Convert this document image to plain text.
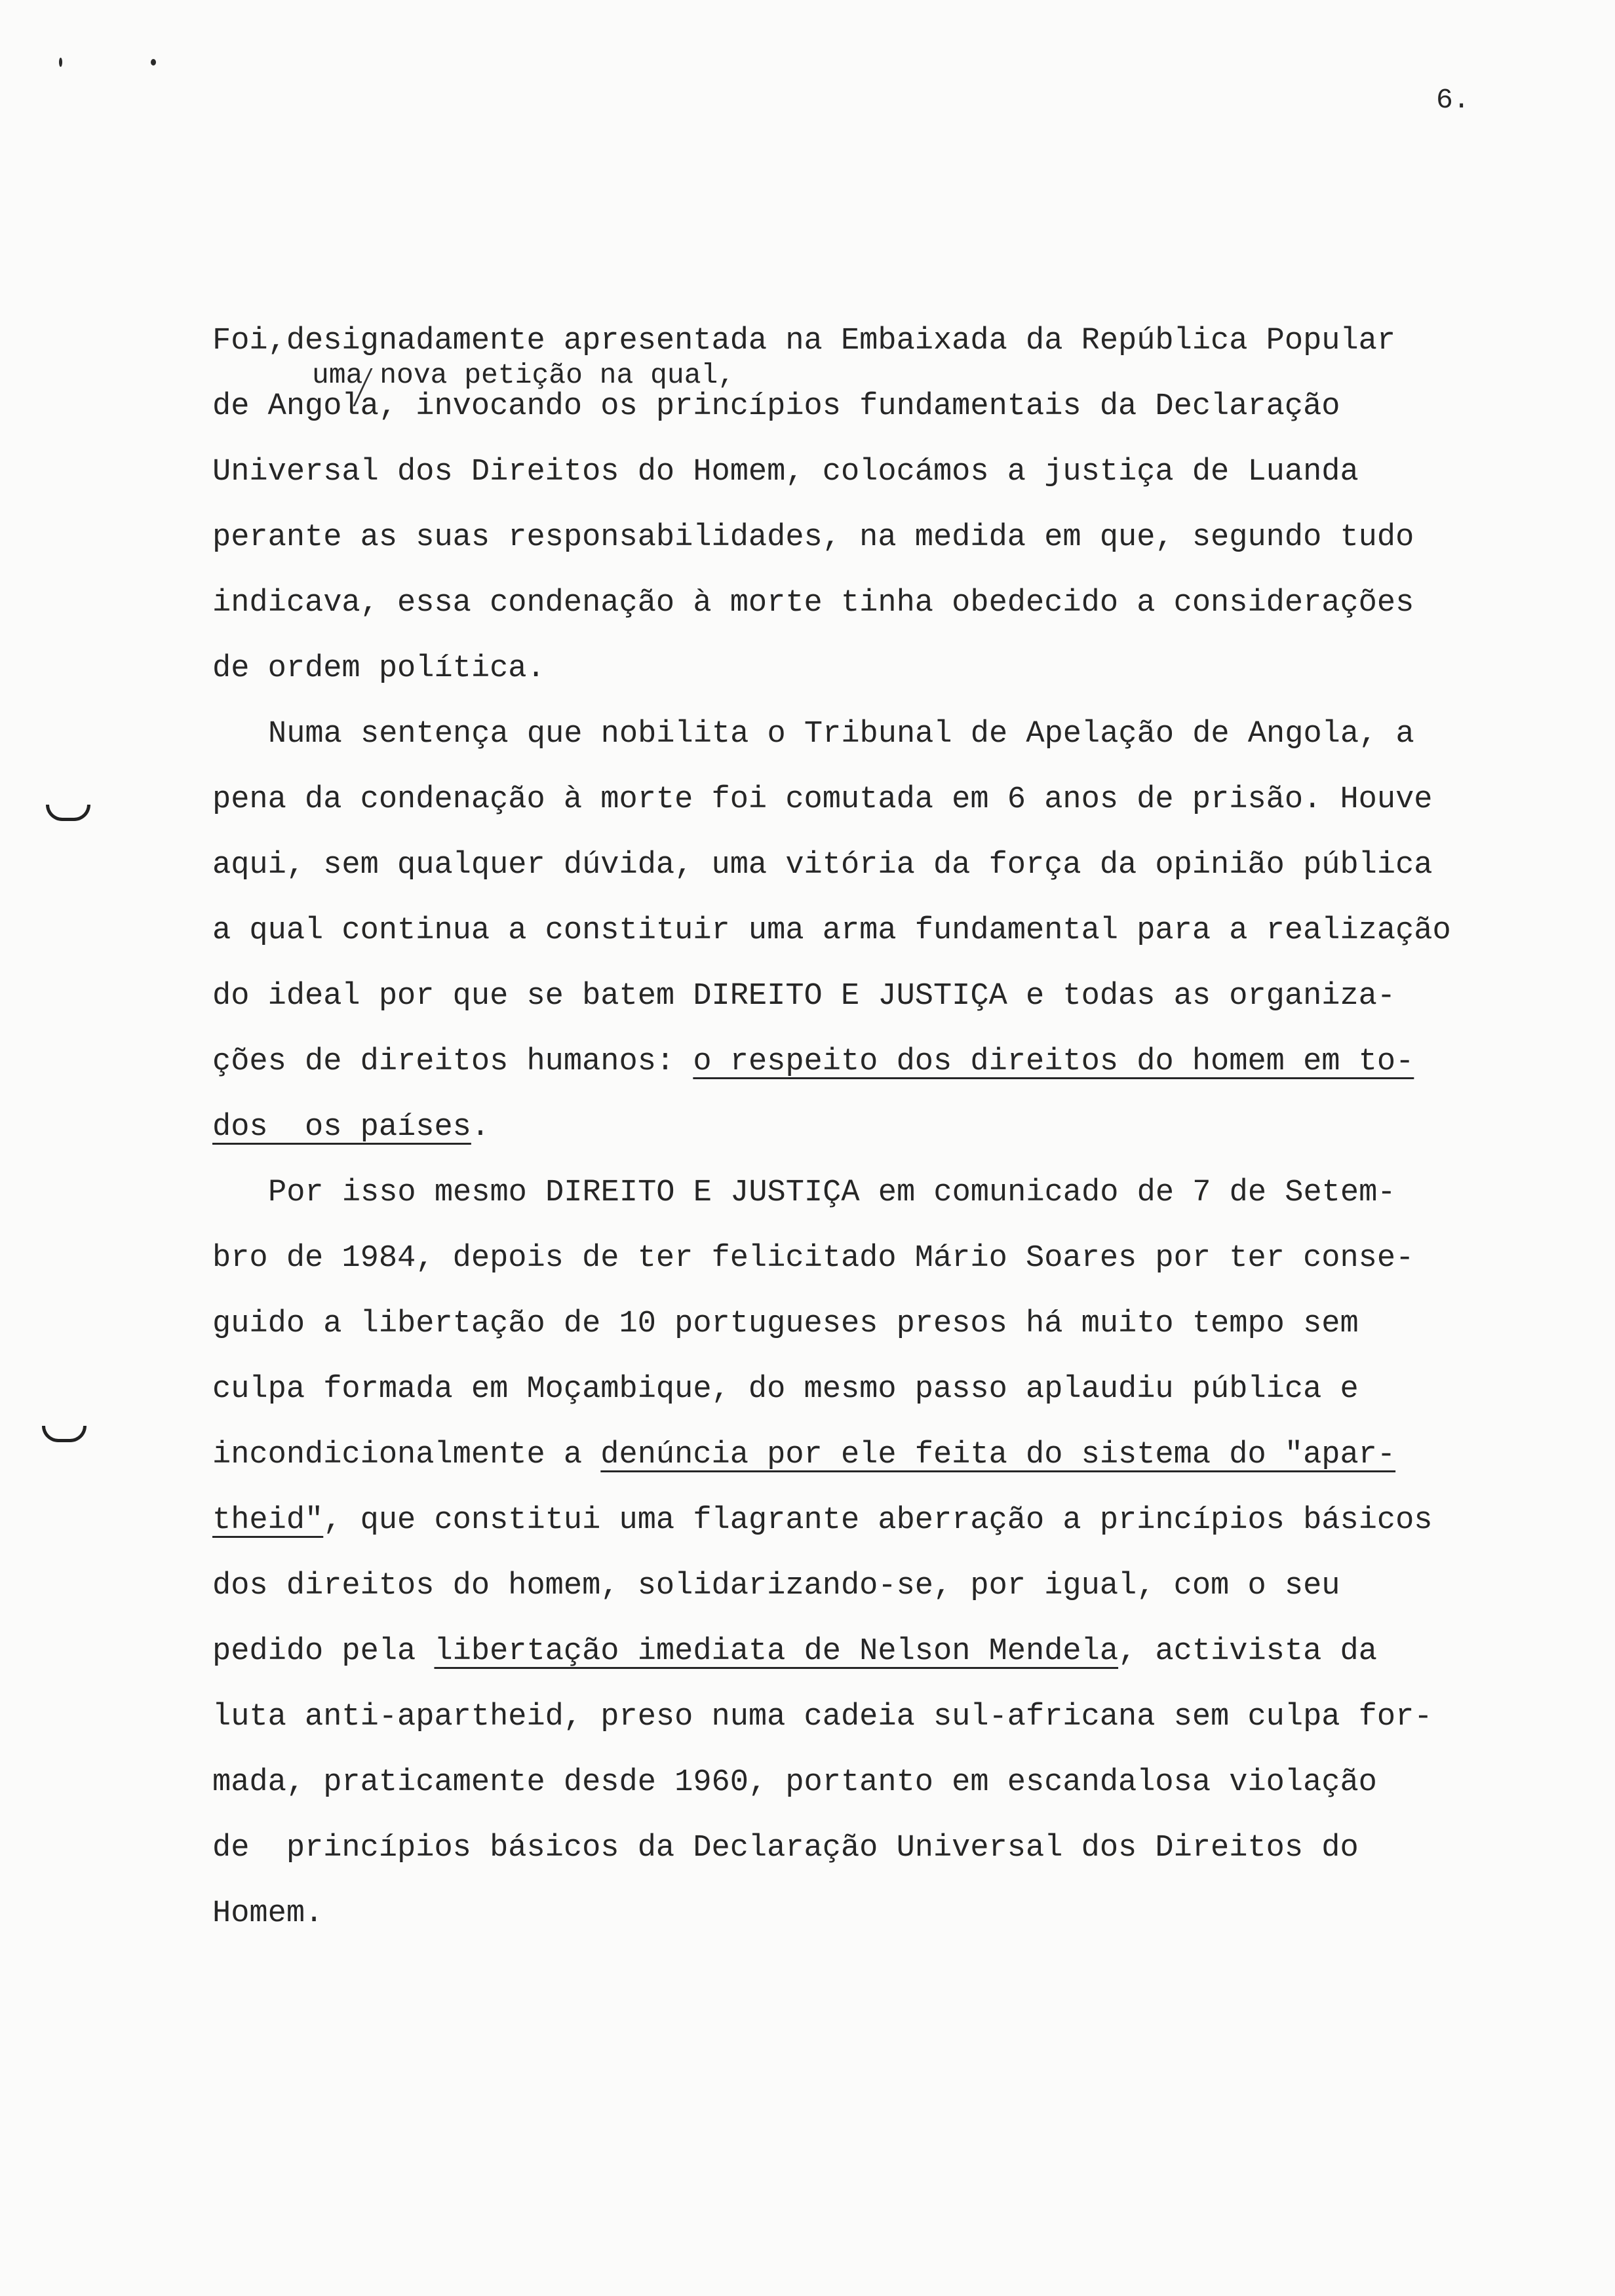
6.
uma nova petição na qual,
Foi,designadamente apresentada na Embaixada da República Popular
de Angola, invocando os princípios fundamentais da Declaração
Universal dos Direitos do Homem, colocámos a justiça de Luanda
perante as suas responsabilidades, na medida em que, segundo tudo
indicava, essa condenação à morte tinha obedecido a considerações
de ordem política.
Numa sentença que nobilita o Tribunal de Apelação de Angola, a
pena da condenação à morte foi comutada em 6 anos de prisão. Houve
aqui, sem qualquer dúvida, uma vitória da força da opinião pública
a qual continua a constituir uma arma fundamental para a realização
do ideal por que se batem DIREITO E JUSTIÇA e todas as organiza-
ções de direitos humanos: o respeito dos direitos do homem em to-
dos  os países.
Por isso mesmo DIREITO E JUSTIÇA em comunicado de 7 de Setem-
bro de 1984, depois de ter felicitado Mário Soares por ter conse-
guido a libertação de 10 portugueses presos há muito tempo sem
culpa formada em Moçambique, do mesmo passo aplaudiu pública e
incondicionalmente a denúncia por ele feita do sistema do "apar-
theid", que constitui uma flagrante aberração a princípios básicos
dos direitos do homem, solidarizando-se, por igual, com o seu
pedido pela libertação imediata de Nelson Mendela, activista da
luta anti-apartheid, preso numa cadeia sul-africana sem culpa for-
mada, praticamente desde 1960, portanto em escandalosa violação
de  princípios básicos da Declaração Universal dos Direitos do
Homem.
